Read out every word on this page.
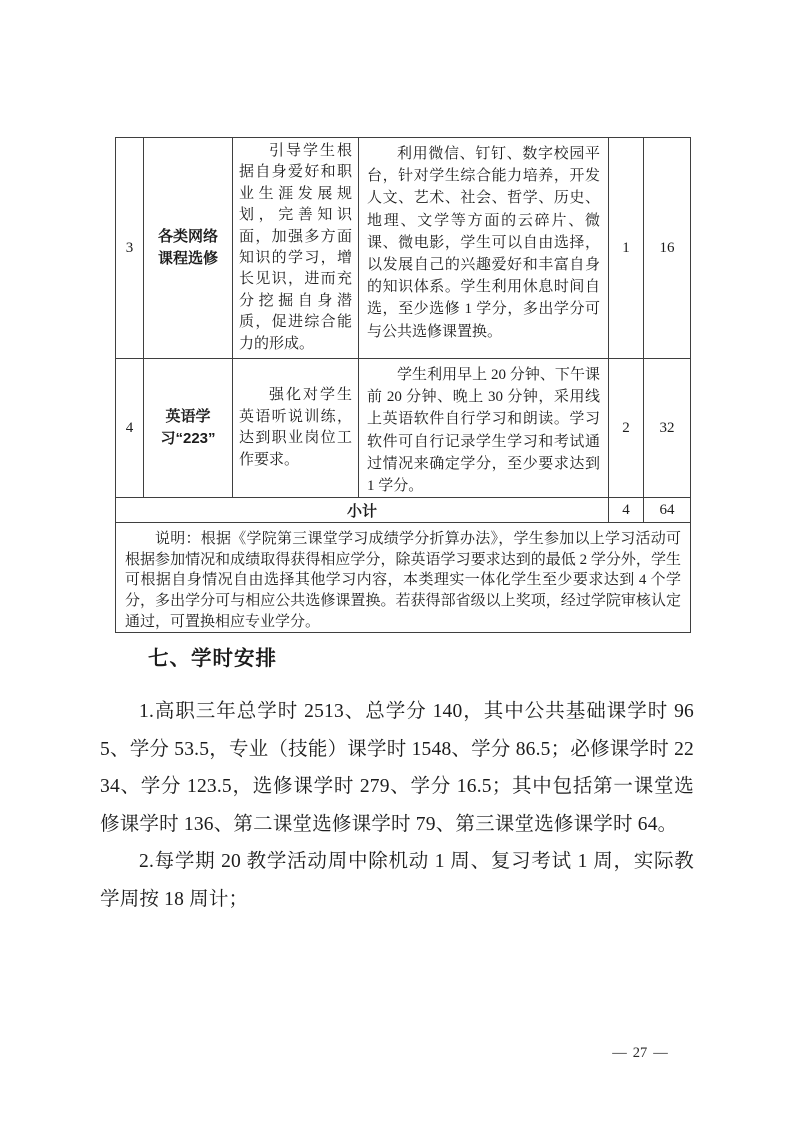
3	各类网络课程选修	引导学生根据自身爱好和职业生涯发展规划，完善知识面，加强多方面知识的学习，增长见识，进而充分挖掘自身潜质，促进综合能力的形成。	利用微信、钉钉、数字校园平台，针对学生综合能力培养，开发人文、艺术、社会、哲学、历史、地理、文学等方面的云碎片、微课、微电影，学生可以自由选择，以发展自己的兴趣爱好和丰富自身的知识体系。学生利用休息时间自选，至少选修 1 学分，多出学分可与公共选修课置换。	1	16
4	英语学习“223”	强化对学生英语听说训练，达到职业岗位工作要求。	学生利用早上 20 分钟、下午课前 20 分钟、晚上 30 分钟，采用线上英语软件自行学习和朗读。学习软件可自行记录学生学习和考试通过情况来确定学分，至少要求达到 1 学分。	2	32
小计				4	64
说明：根据《学院第三课堂学习成绩学分折算办法》，学生参加以上学习活动可根据参加情况和成绩取得获得相应学分，除英语学习要求达到的最低 2 学分外，学生可根据自身情况自由选择其他学习内容，本类理实一体化学生至少要求达到 4 个学分，多出学分可与相应公共选修课置换。若获得部省级以上奖项，经过学院审核认定通过，可置换相应专业学分。					
七、学时安排

1.高职三年总学时 2513、总学分 140，其中公共基础课学时 965、学分 53.5，专业（技能）课学时 1548、学分 86.5；必修课学时 2234、学分 123.5，选修课学时 279、学分 16.5；其中包括第一课堂选修课学时 136、第二课堂选修课学时 79、第三课堂选修课学时 64。

2.每学期 20 教学活动周中除机动 1 周、复习考试 1 周，实际教学周按 18 周计；

— 27 —
